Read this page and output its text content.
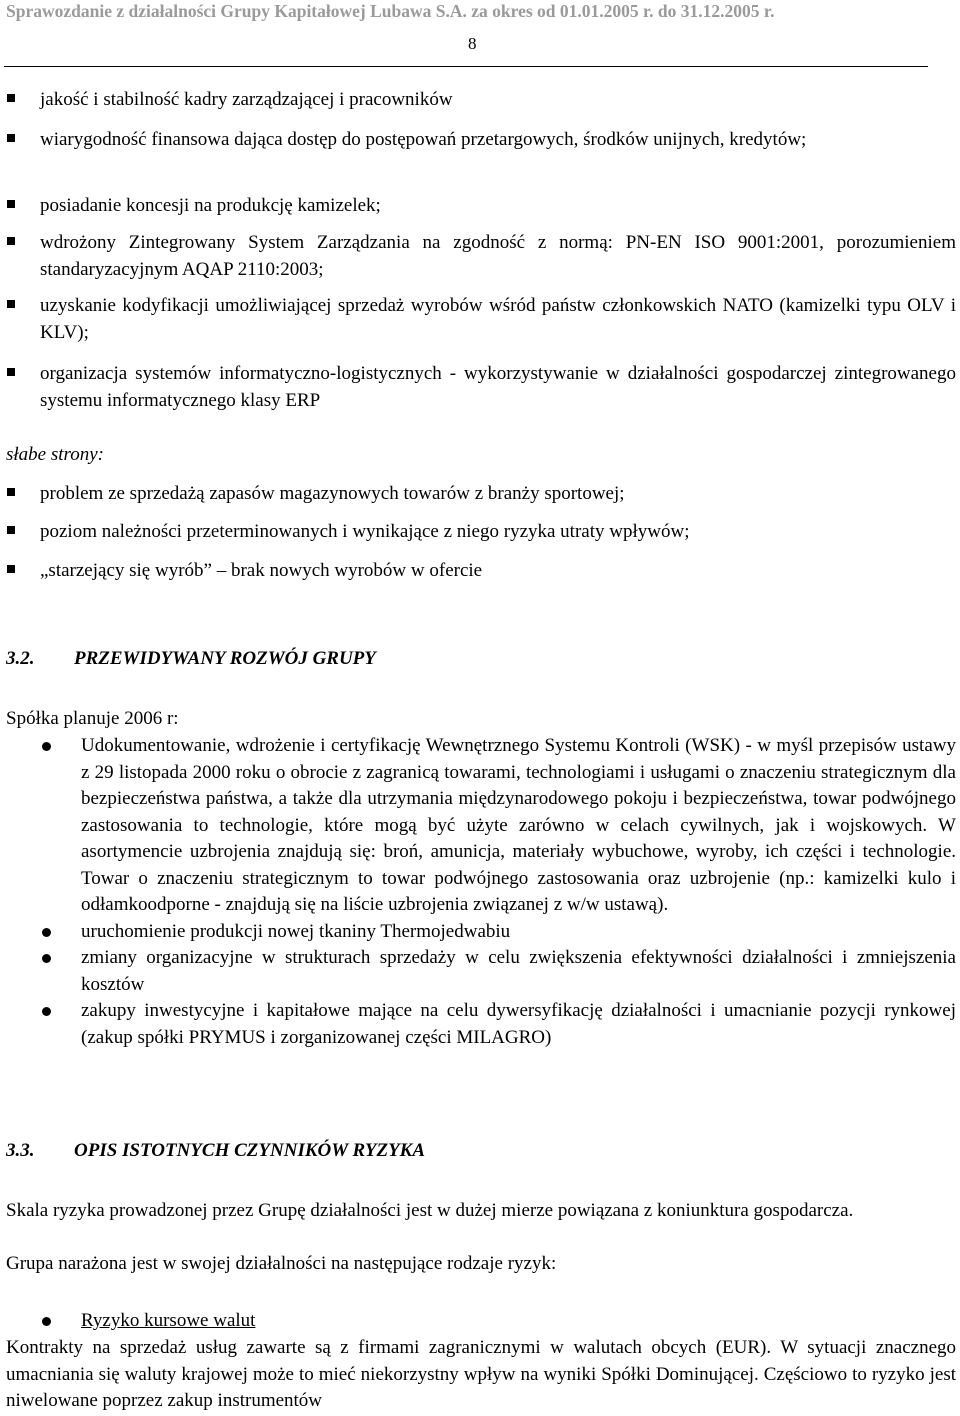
Sprawozdanie z działalności Grupy Kapitałowej Lubawa S.A. za okres od 01.01.2005 r. do 31.12.2005 r.
8
jakość i stabilność kadry zarządzającej i pracowników
wiarygodność finansowa dająca dostęp do postępowań przetargowych, środków unijnych, kredytów;
posiadanie koncesji na produkcję kamizelek;
wdrożony Zintegrowany System Zarządzania na zgodność z normą: PN-EN ISO 9001:2001, porozumieniem standaryzacyjnym AQAP 2110:2003;
uzyskanie kodyfikacji umożliwiającej sprzedaż wyrobów wśród państw członkowskich NATO (kamizelki typu OLV i KLV);
organizacja systemów informatyczno-logistycznych - wykorzystywanie w działalności gospodarczej zintegrowanego systemu informatycznego klasy ERP
słabe strony:
problem ze sprzedażą zapasów magazynowych towarów z branży sportowej;
poziom należności przeterminowanych i wynikające z niego ryzyka utraty wpływów;
„starzejący się wyrób” – brak nowych wyrobów w ofercie
3.2. PRZEWIDYWANY ROZWÓJ GRUPY
Spółka planuje 2006 r:
Udokumentowanie, wdrożenie i certyfikację Wewnętrznego Systemu Kontroli (WSK) - w myśl przepisów ustawy z 29 listopada 2000 roku o obrocie z zagranicą towarami, technologiami i usługami o znaczeniu strategicznym dla bezpieczeństwa państwa, a także dla utrzymania międzynarodowego pokoju i bezpieczeństwa, towar podwójnego zastosowania to technologie, które mogą być użyte zarówno w celach cywilnych, jak i wojskowych. W asortymencie uzbrojenia znajdują się: broń, amunicja, materiały wybuchowe, wyroby, ich części i technologie. Towar o znaczeniu strategicznym to towar podwójnego zastosowania oraz uzbrojenie (np.: kamizelki kulo i odłamkoodporne - znajdują się na liście uzbrojenia związanej z w/w ustawą).
uruchomienie produkcji nowej tkaniny Thermojedwabiu
zmiany organizacyjne w strukturach sprzedaży w celu zwiększenia efektywności działalności i zmniejszenia kosztów
zakupy inwestycyjne i kapitałowe mające na celu dywersyfikację działalności i umacnianie pozycji rynkowej (zakup spółki PRYMUS i zorganizowanej części MILAGRO)
3.3. OPIS ISTOTNYCH CZYNNIKÓW RYZYKA
Skala ryzyka prowadzonej przez Grupę działalności jest w dużej mierze powiązana z koniunktura gospodarcza.
Grupa narażona jest w swojej działalności na następujące rodzaje ryzyk:
Ryzyko kursowe walut
Kontrakty na sprzedaż usług zawarte są z firmami zagranicznymi w walutach obcych (EUR). W sytuacji znacznego umacniania się waluty krajowej może to mieć niekorzystny wpływ na wyniki Spółki Dominującej. Częściowo to ryzyko jest niwelowane poprzez zakup instrumentów
